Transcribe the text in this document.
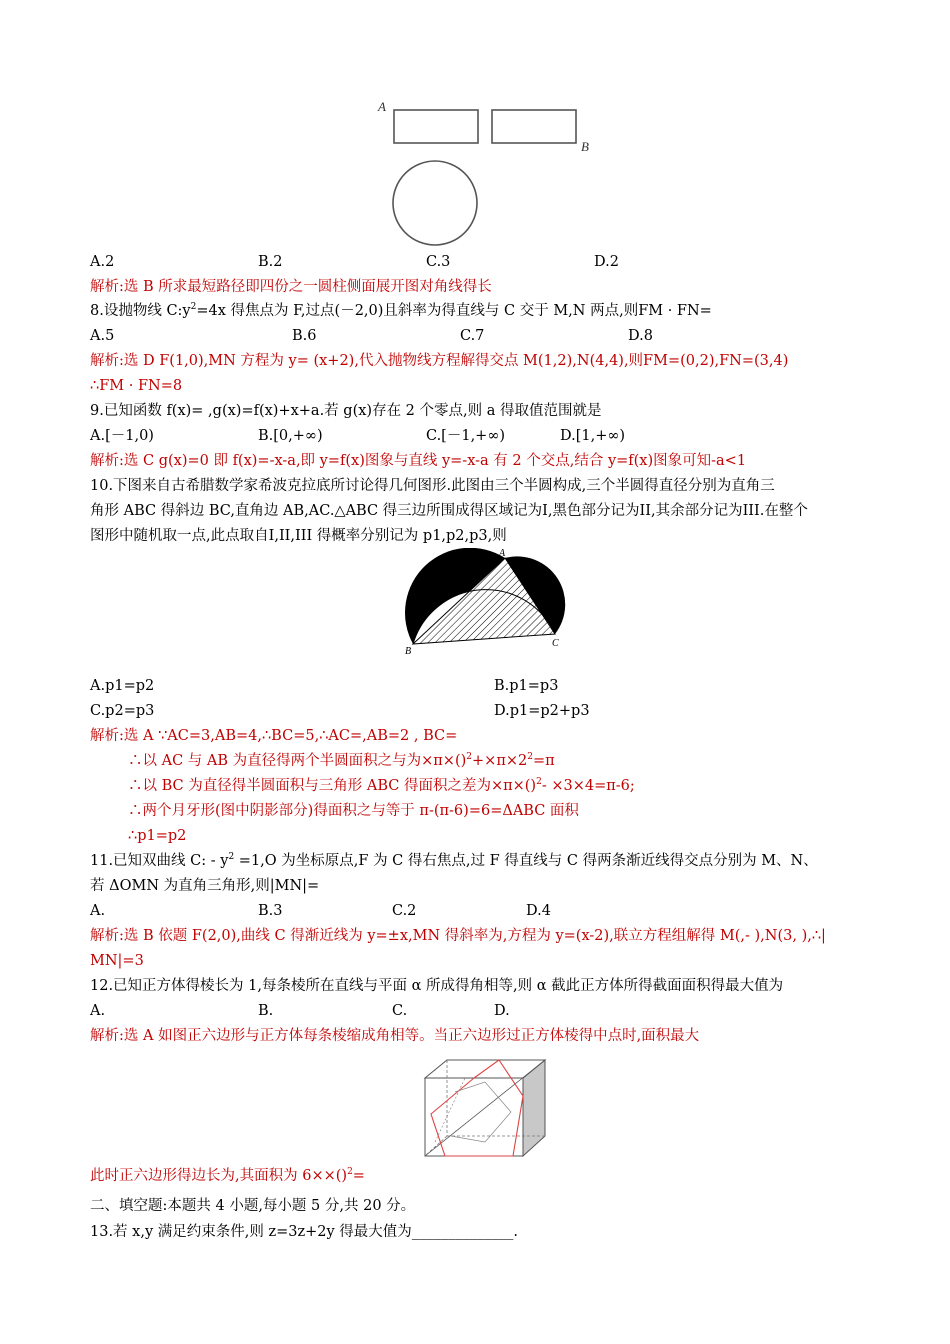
A
B
A.2	B.2	C.3	D.2
解析:选 B 所求最短路径即四份之一圆柱侧面展开图对角线得长
8.设抛物线 $C:y^2=4x$ 得焦点为 F,过点(－2,0)且斜率为得直线与 C 交于 M,N 两点,则FM · FN=
A.5	B.6	C.7	D.8
解析:选 D F(1,0),MN 方程为 y= (x+2),代入抛物线方程解得交点 M(1,2),N(4,4),则FM=(0,2),FN=(3,4)
∴FM · FN=8
9.已知函数 f(x)= ,g(x)=f(x)+x+a.若 g(x)存在 2 个零点,则 a 得取值范围就是
A.[－1,0)	B.[0,+∞)	C.[－1,+∞)	D.[1,+∞)
解析:选 C g(x)=0 即 f(x)=-x-a,即 y=f(x)图象与直线 y=-x-a 有 2 个交点,结合 y=f(x)图象可知-a<1
10.下图来自古希腊数学家希波克拉底所讨论得几何图形.此图由三个半圆构成,三个半圆得直径分别为直角三
角形 ABC 得斜边 BC,直角边 AB,AC.△ABC 得三边所围成得区域记为I,黑色部分记为II,其余部分记为III.在整个
图形中随机取一点,此点取自I,II,III 得概率分别记为 p1,p2,p3,则
A
B
C
A.p1=p2	B.p1=p3
C.p2=p3	D.p1=p2+p3
解析:选 A ∵AC=3,AB=4,∴BC=5,∴AC=,AB=2 , BC=
∴以 AC 与 AB 为直径得两个半圆面积之与为$\times\pi\times()^2+\times\pi\times 2^2=\pi$
∴以 BC 为直径得半圆面积与三角形 ABC 得面积之差为×π×()$^2$- ×3×4=π-6;
∴两个月牙形(图中阴影部分)得面积之与等于 π-(π-6)=6=ΔABC 面积
∴p1=p2
11.已知双曲线 C: - $y^2 =1,O$ 为坐标原点,F 为 C 得右焦点,过 F 得直线与 C 得两条渐近线得交点分别为 M、N、
若 ΔOMN 为直角三角形,则|MN|=
A.	B.3	C.2	D.4
解析:选 B 依题 F(2,0),曲线 C 得渐近线为 y=±x,MN 得斜率为,方程为 y=(x-2),联立方程组解得 M(,- ),N(3, ),∴|
MN|=3
12.已知正方体得棱长为 1,每条棱所在直线与平面 α 所成得角相等,则 α 截此正方体所得截面面积得最大值为
A.	B.	C.	D.
解析:选 A 如图正六边形与正方体每条棱缩成角相等。当正六边形过正方体棱得中点时,面积最大
此时正六边形得边长为,其面积为 6××()$^2$=
二、填空题:本题共 4 小题,每小题 5 分,共 20 分。
13.若 x,y 满足约束条件,则 z=3z+2y 得最大值为______________.
